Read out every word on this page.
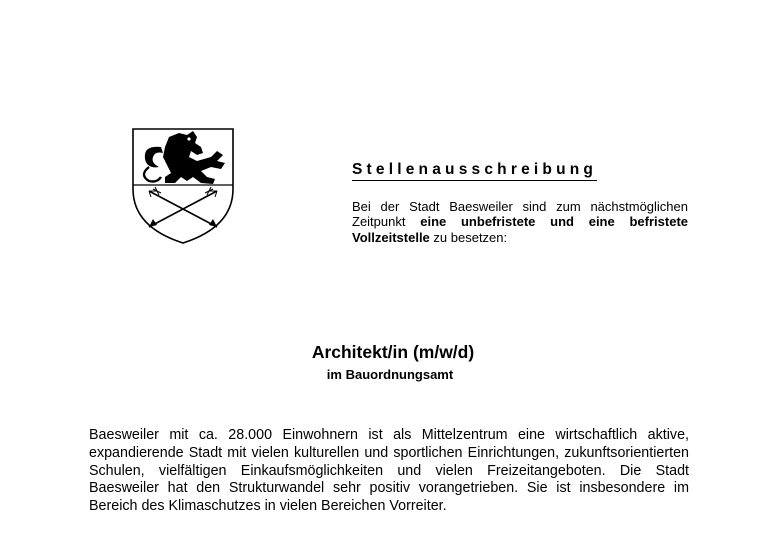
Stellenausschreibung
Bei der Stadt Baesweiler sind zum nächstmöglichen Zeitpunkt eine unbefristete und eine befristete Vollzeitstelle zu besetzen:
Architekt/in (m/w/d)
im Bauordnungsamt
Baesweiler mit ca. 28.000 Einwohnern ist als Mittelzentrum eine wirtschaftlich aktive, expandierende Stadt mit vielen kulturellen und sportlichen Einrichtungen, zukunftsorientierten Schulen, vielfältigen Einkaufsmöglichkeiten und vielen Freizeitangeboten. Die Stadt Baesweiler hat den Strukturwandel sehr positiv vorangetrieben. Sie ist insbesondere im Bereich des Klimaschutzes in vielen Bereichen Vorreiter.
